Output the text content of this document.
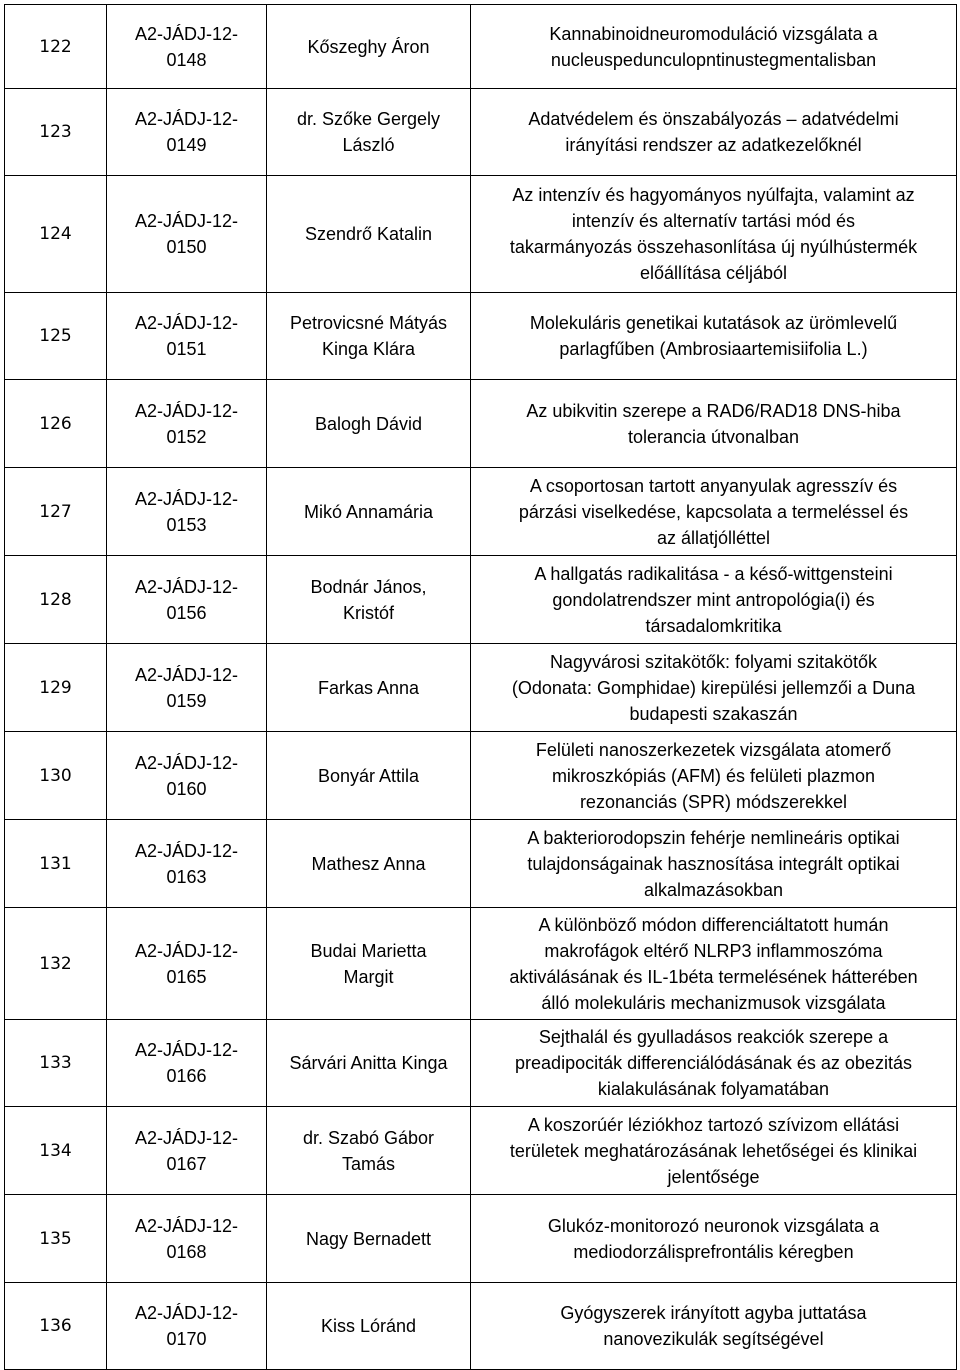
122	A2-JÁDJ-12-
0148	Kőszeghy Áron	Kannabinoidneuromoduláció vizsgálata a
nucleuspedunculopntinustegmentalisban

123	A2-JÁDJ-12-
0149	dr. Szőke Gergely
László	Adatvédelem és önszabályozás – adatvédelmi
irányítási rendszer az adatkezelőknél

124	A2-JÁDJ-12-
0150	Szendrő Katalin	Az intenzív és hagyományos nyúlfajta, valamint az
intenzív és alternatív tartási mód és
takarmányozás összehasonlítása új nyúlhústermék
előállítása céljából

125	A2-JÁDJ-12-
0151	Petrovicsné Mátyás
Kinga Klára	Molekuláris genetikai kutatások az ürömlevelű
parlagfűben (Ambrosiaartemisiifolia L.)

126	A2-JÁDJ-12-
0152	Balogh Dávid	Az ubikvitin szerepe a RAD6/RAD18 DNS-hiba
tolerancia útvonalban

127	A2-JÁDJ-12-
0153	Mikó Annamária	A csoportosan tartott anyanyulak agresszív és
párzási viselkedése, kapcsolata a termeléssel és
az állatjólléttel

128	A2-JÁDJ-12-
0156	Bodnár János,
Kristóf	A hallgatás radikalitása - a késő-wittgensteini
gondolatrendszer mint antropológia(i) és
társadalomkritika

129	A2-JÁDJ-12-
0159	Farkas Anna	Nagyvárosi szitakötők: folyami szitakötők
(Odonata: Gomphidae) kirepülési jellemzői a Duna
budapesti szakaszán

130	A2-JÁDJ-12-
0160	Bonyár Attila	Felületi nanoszerkezetek vizsgálata atomerő
mikroszkópiás (AFM) és felületi plazmon
rezonanciás (SPR) módszerekkel

131	A2-JÁDJ-12-
0163	Mathesz Anna	A bakteriorodopszin fehérje nemlineáris optikai
tulajdonságainak hasznosítása integrált optikai
alkalmazásokban

132	A2-JÁDJ-12-
0165	Budai Marietta
Margit	A különböző módon differenciáltatott humán
makrofágok eltérő NLRP3 inflammoszóma
aktiválásának és IL-1béta termelésének hátterében
álló molekuláris mechanizmusok vizsgálata

133	A2-JÁDJ-12-
0166	Sárvári Anitta Kinga	Sejthalál és gyulladásos reakciók szerepe a
preadipociták differenciálódásának és az obezitás
kialakulásának folyamatában

134	A2-JÁDJ-12-
0167	dr. Szabó Gábor
Tamás	A koszorúér léziókhoz tartozó szívizom ellátási
területek meghatározásának lehetőségei és klinikai
jelentősége

135	A2-JÁDJ-12-
0168	Nagy Bernadett	Glukóz-monitorozó neuronok vizsgálata a
mediodorzálisprefrontális kéregben

136	A2-JÁDJ-12-
0170	Kiss Lóránd	Gyógyszerek irányított agyba juttatása
nanovezikulák segítségével
